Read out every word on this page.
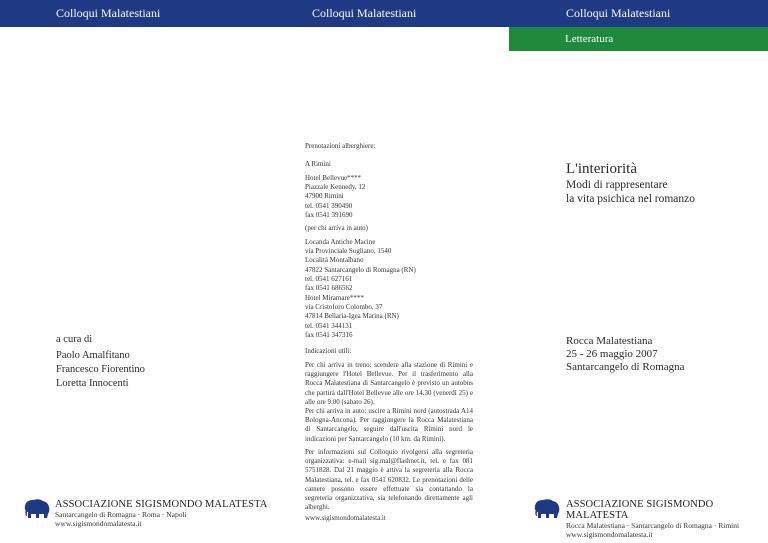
Colloqui Malatestiani	Colloqui Malatestiani	Colloqui Malatestiani
Letteratura
a cura di
Paolo Amalfitano
Francesco Fiorentino
Loretta Innocenti
ASSOCIAZIONE SIGISMONDO MALATESTA
Santarcangelo di Romagna · Roma · Napoli
www.sigismondomalatesta.it
Prenotazioni alberghiere:
A Rimini
Hotel Bellevue****
Piazzale Kennedy, 12
47900 Rimini
tel. 0541 390490
fax 0541 391690
(per chi arriva in auto)
Locanda Antiche Macine
via Provinciale Sogliano, 1540
Località Montalbano
47822 Santarcangelo di Romagna (RN)
tel. 0541 627161
fax 0541 686562
Hotel Miramare****
via Cristoforo Colombo, 37
47814 Bellaria-Igea Marina (RN)
tel. 0541 344131
fax 0541 347316
Indicazioni utili:
Per chi arriva in treno: scendere alla stazione di Rimini e raggiungere l'Hotel Bellevue. Per il trasferimento alla Rocca Malatestiana di Santarcangelo è previsto un autobus che partirà dall'Hotel Bellevue alle ore 14.30 (venerdì 25) e alle ore 9.00 (sabato 26).
Per chi arriva in auto: uscire a Rimini nord (autostrada A14 Bologna-Ancona). Per raggiungere la Rocca Malatestiana di Santarcangelo, seguire dall'uscita Rimini nord le indicazioni per Santarcangelo (10 km. da Rimini).
Per informazioni sul Colloquio rivolgersi alla segreteria organizzativa: e-mail sig.mal@flashnet.it, tel. e fax 081 5751828. Dal 21 maggio è attiva la segreteria alla Rocca Malatestiana, tel. e fax 0541 620832. Le prenotazioni delle camere possono essere effettuate sia contattando la segreteria organizzativa, sia telefonando direttamente agli alberghi.
www.sigismondomalatesta.it
L'interiorità
Modi di rappresentare
la vita psichica nel romanzo
Rocca Malatestiana
25 - 26 maggio 2007
Santarcangelo di Romagna
ASSOCIAZIONE SIGISMONDO MALATESTA
Rocca Malatestiana · Santarcangelo di Romagna · Rimini
www.sigismondomalatesta.it
